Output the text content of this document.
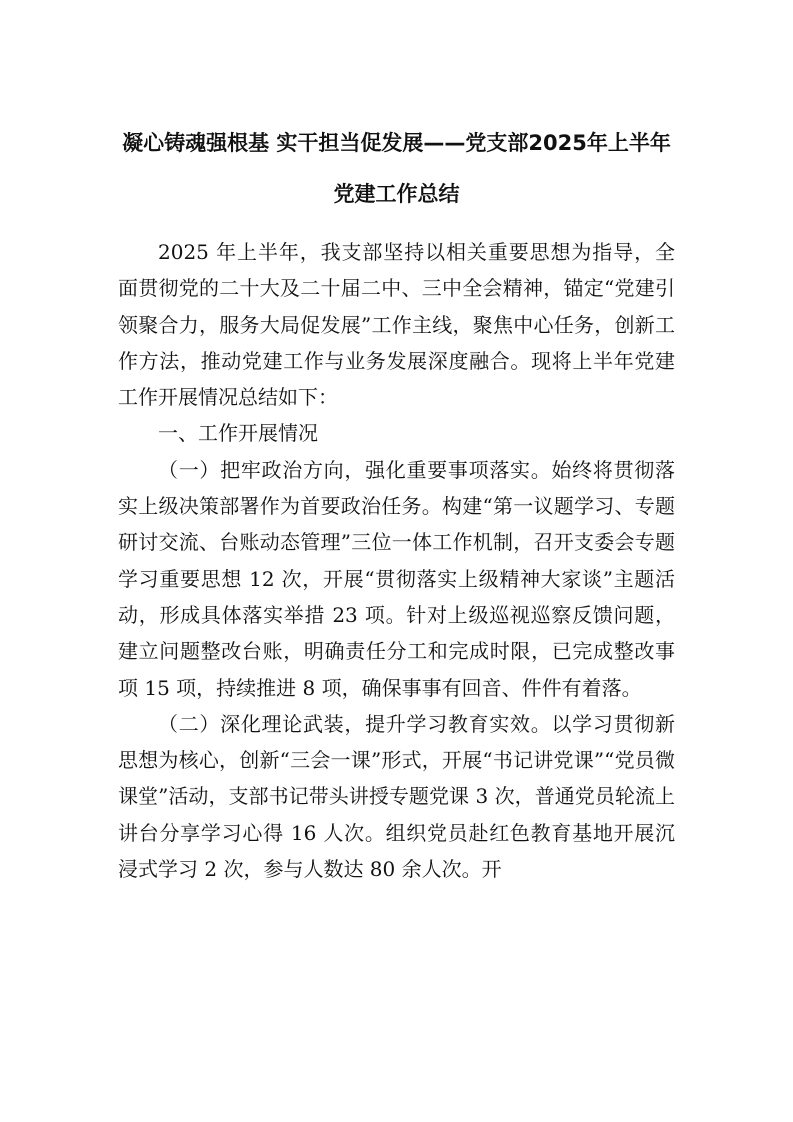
凝心铸魂强根基 实干担当促发展——党支部2025年上半年
党建工作总结

2025 年上半年，我支部坚持以相关重要思想为指导，全面贯彻党的二十大及二十届二中、三中全会精神，锚定“党建引领聚合力，服务大局促发展”工作主线，聚焦中心任务，创新工作方法，推动党建工作与业务发展深度融合。现将上半年党建工作开展情况总结如下：

一、工作开展情况

（一）把牢政治方向，强化重要事项落实。始终将贯彻落实上级决策部署作为首要政治任务。构建“第一议题学习、专题研讨交流、台账动态管理”三位一体工作机制，召开支委会专题学习重要思想 12 次，开展“贯彻落实上级精神大家谈”主题活动，形成具体落实举措 23 项。针对上级巡视巡察反馈问题，建立问题整改台账，明确责任分工和完成时限，已完成整改事项 15 项，持续推进 8 项，确保事事有回音、件件有着落。

（二）深化理论武装，提升学习教育实效。以学习贯彻新思想为核心，创新“三会一课”形式，开展“书记讲党课”“党员微课堂”活动，支部书记带头讲授专题党课 3 次，普通党员轮流上讲台分享学习心得 16 人次。组织党员赴红色教育基地开展沉浸式学习 2 次，参与人数达 80 余人次。开
